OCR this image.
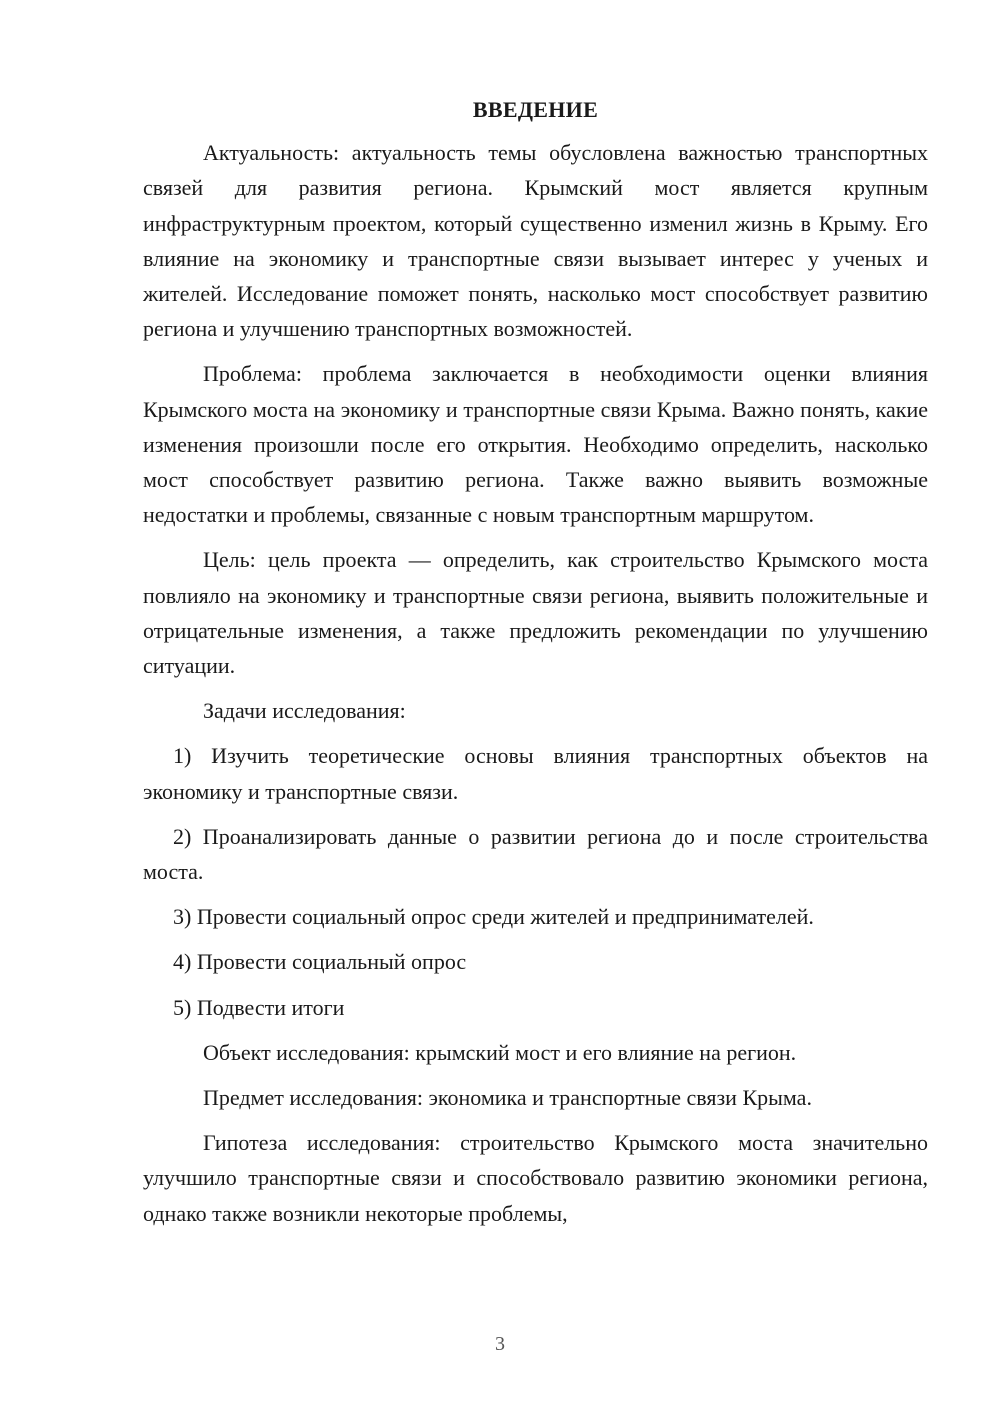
ВВЕДЕНИЕ

Актуальность: актуальность темы обусловлена важностью транспортных связей для развития региона. Крымский мост является крупным инфраструктурным проектом, который существенно изменил жизнь в Крыму. Его влияние на экономику и транспортные связи вызывает интерес у ученых и жителей. Исследование поможет понять, насколько мост способствует развитию региона и улучшению транспортных возможностей.

Проблема: проблема заключается в необходимости оценки влияния Крымского моста на экономику и транспортные связи Крыма. Важно понять, какие изменения произошли после его открытия. Необходимо определить, насколько мост способствует развитию региона. Также важно выявить возможные недостатки и проблемы, связанные с новым транспортным маршрутом.

Цель: цель проекта — определить, как строительство Крымского моста повлияло на экономику и транспортные связи региона, выявить положительные и отрицательные изменения, а также предложить рекомендации по улучшению ситуации.

Задачи исследования:

1) Изучить теоретические основы влияния транспортных объектов на экономику и транспортные связи.
2) Проанализировать данные о развитии региона до и после строительства моста.
3) Провести социальный опрос среди жителей и предпринимателей.
4) Провести социальный опрос
5) Подвести итоги

Объект исследования: крымский мост и его влияние на регион.

Предмет исследования: экономика и транспортные связи Крыма.

Гипотеза исследования: строительство Крымского моста значительно улучшило транспортные связи и способствовало развитию экономики региона, однако также возникли некоторые проблемы,

3
